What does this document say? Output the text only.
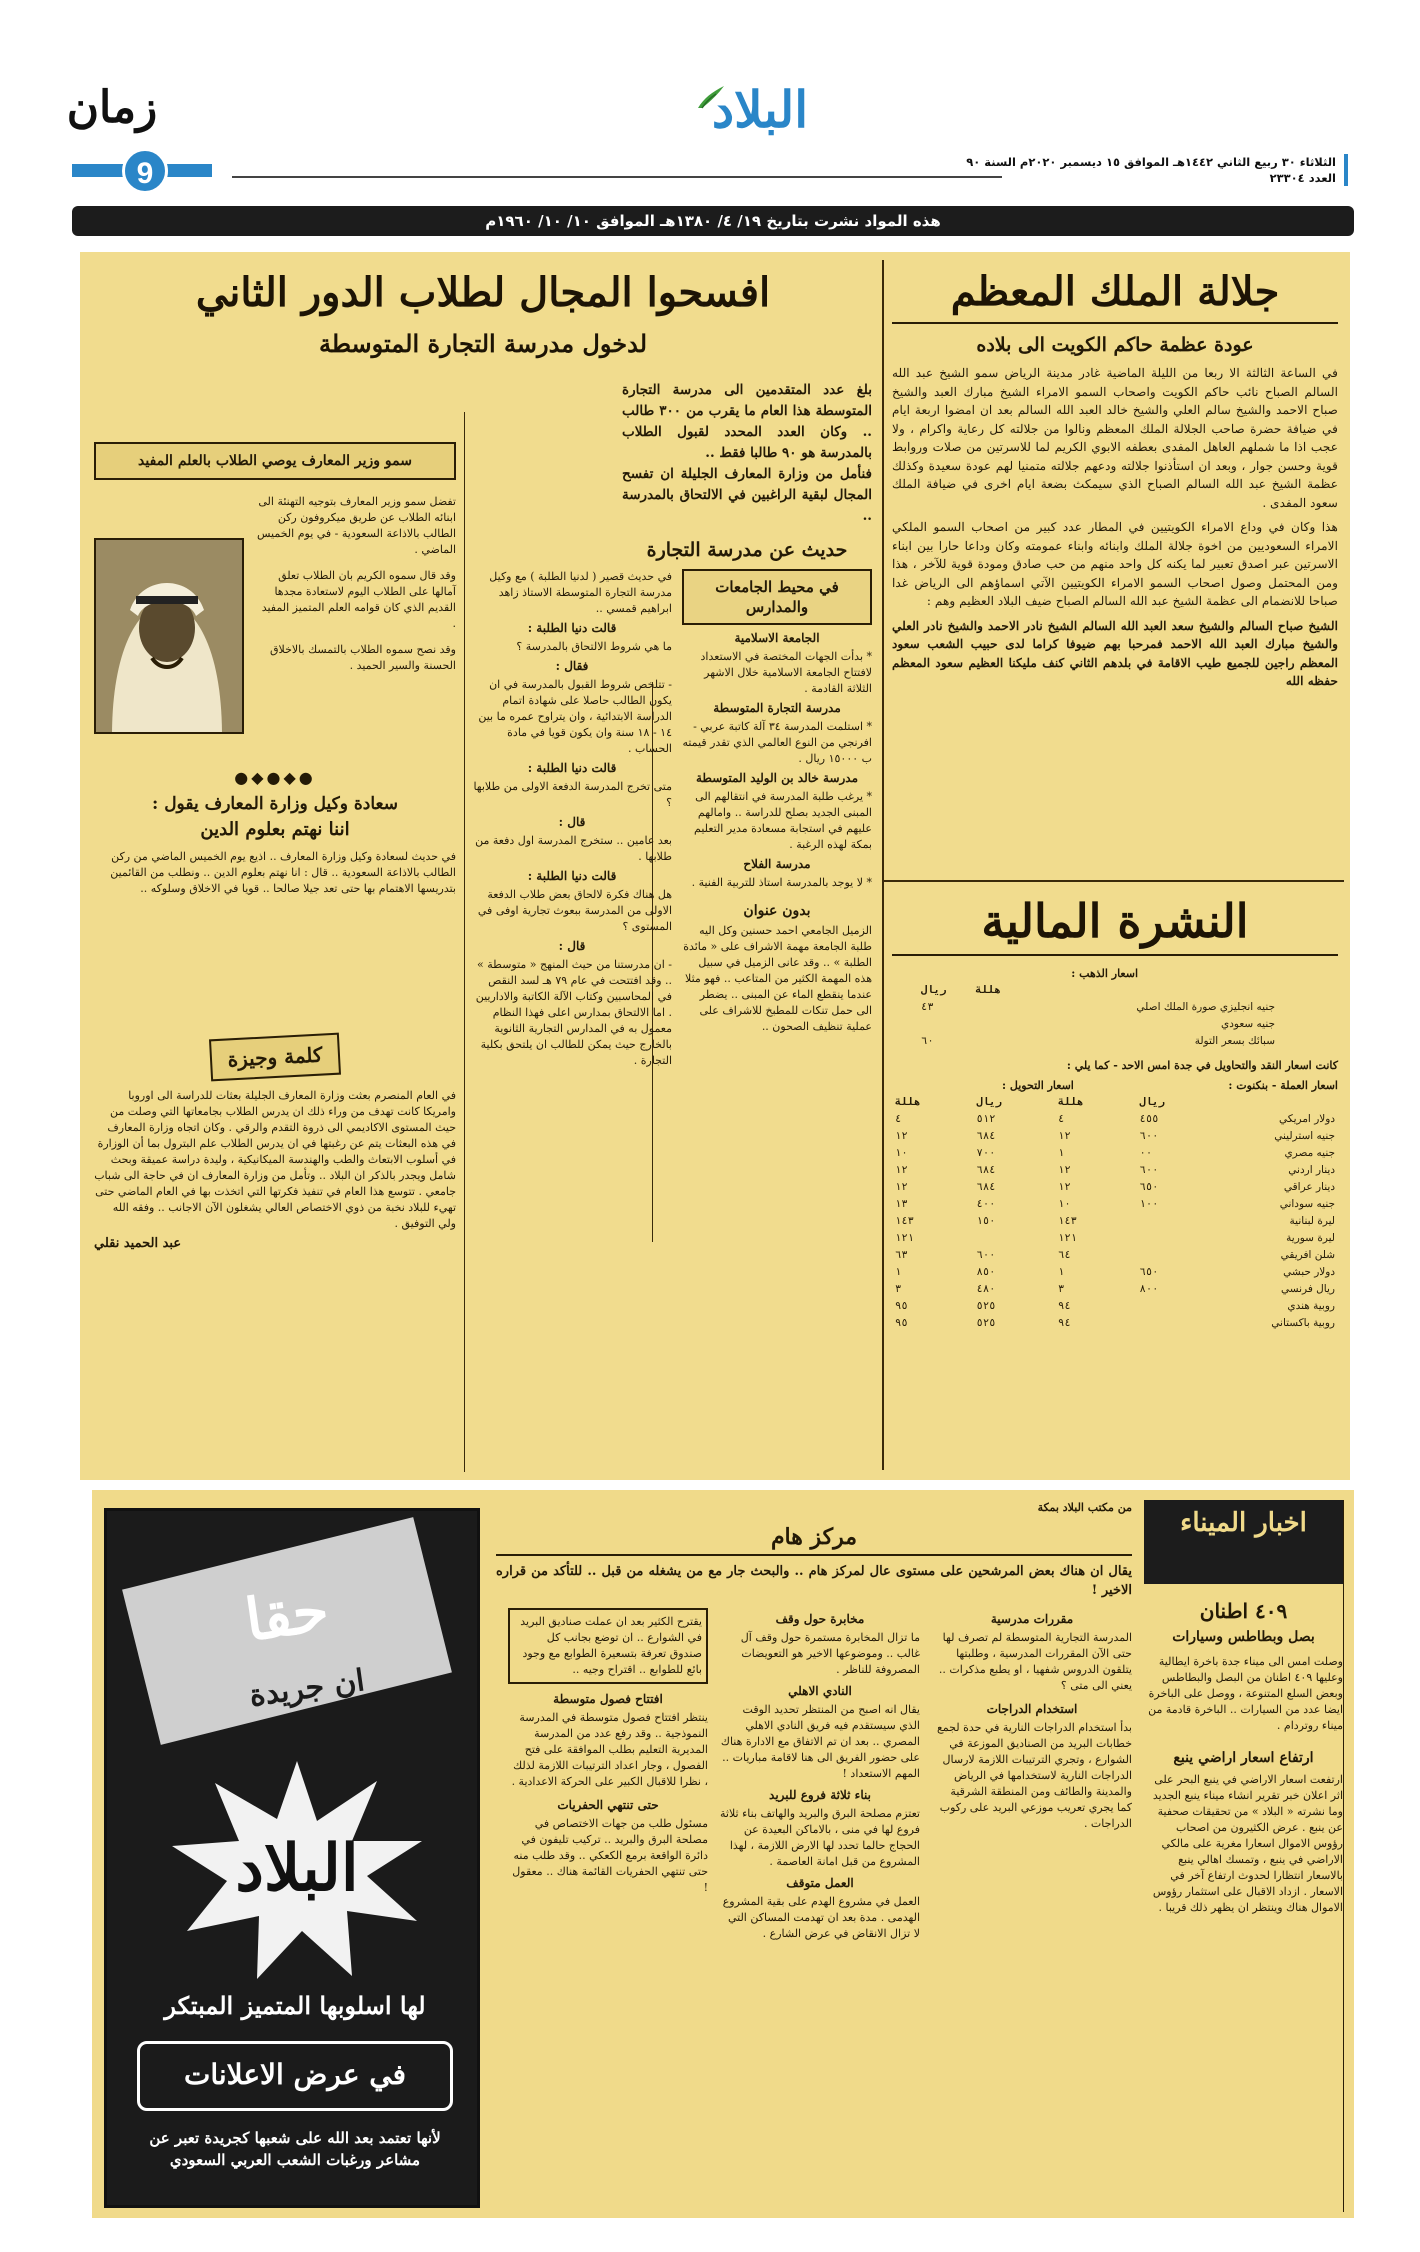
زمان
9
البلاد
الثلاثاء ٣٠ ربيع الثاني ١٤٤٢هـ الموافق ١٥ ديسمبر ٢٠٢٠م السنة ٩٠ العدد ٢٣٣٠٤
هذه المواد نشرت بتاريخ ١٩/ ٤/ ١٣٨٠هـ الموافق ١٠/ ١٠/ ١٩٦٠م
جلالة الملك المعظم
عودة عظمة حاكم الكويت الى بلاده

في الساعة الثالثة الا ربعا من الليلة الماضية غادر مدينة الرياض سمو الشيخ عبد الله السالم الصباح نائب حاكم الكويت واصحاب السمو الامراء الشيخ مبارك العبد والشيخ صباح الاحمد والشيخ سالم العلي والشيخ خالد العبد الله السالم بعد ان امضوا اربعة ايام في ضيافة حضرة صاحب الجلالة الملك المعظم ونالوا من جلالته كل رعاية واكرام ، ولا عجب اذا ما شملهم العاهل المفدى بعطفه الابوي الكريم لما للاسرتين من صلات وروابط قوية وحسن جوار ، وبعد ان استأذنوا جلالته ودعهم جلالته متمنيا لهم عودة سعيدة وكذلك عظمة الشيخ عبد الله السالم الصباح الذي سيمكث بضعة ايام اخرى في ضيافة الملك سعود المفدى .

هذا وكان في وداع الامراء الكويتيين في المطار عدد كبير من اصحاب السمو الملكي الامراء السعوديين من اخوة جلالة الملك وابنائه وابناء عمومته وكان وداعا حارا بين ابناء الاسرتين عبر اصدق تعبير لما يكنه كل واحد منهم من حب صادق ومودة قوية للآخر ، هذا ومن المحتمل وصول اصحاب السمو الامراء الكويتيين الآتي اسماؤهم الى الرياض غدا صباحا للانضمام الى عظمة الشيخ عبد الله السالم الصباح ضيف البلاد العظيم وهم :

الشيخ صباح السالم والشيخ سعد العبد الله السالم الشيخ نادر الاحمد والشيخ نادر العلي والشيخ مبارك العبد الله الاحمد فمرحبا بهم ضيوفا كراما لدى حبيب الشعب سعود المعظم راجين للجميع طيب الاقامة في بلدهم الثاني كنف مليكنا العظيم سعود المعظم حفظه الله

النشرة المالية
اسعار الذهب :
	هللة	ريال
جنيه انجليزي صورة الملك اصلي		٤٣
جنيه سعودي		
سبائك بسعر التولة		٦٠
كانت اسعار النقد والتحاويل في جدة امس الاحد - كما يلي :
اسعار العملة - بنكنوت :
اسعار التحويل :
	ريال	هللة	ريال	هللة
دولار امريكي	٤٥٥	٤	٥١٢	٤
جنيه استرليني	٦٠٠	١٢	٦٨٤	١٢
جنيه مصري	٠٠	١	٧٠٠	١٠
دينار اردني	٦٠٠	١٢	٦٨٤	١٢
دينار عراقي	٦٥٠	١٢	٦٨٤	١٢
جنيه سوداني	١٠٠	١٠	٤٠٠	١٣
ليرة لبنانية		١٤٣	١٥٠	١٤٣
ليرة سورية		١٢١		١٢١
شلن افريقي		٦٤	٦٠٠	٦٣
دولار حبشي	٦٥٠	١	٨٥٠	١
ريال فرنسي	٨٠٠	٣	٤٨٠	٣
روبية هندي		٩٤	٥٢٥	٩٥
روبية باكستاني		٩٤	٥٢٥	٩٥
افسحوا المجال لطلاب الدور الثاني
لدخول مدرسة التجارة المتوسطة

بلغ عدد المتقدمين الى مدرسة التجارة المتوسطة هذا العام ما يقرب من ٣٠٠ طالب .. وكان العدد المحدد لقبول الطلاب بالمدرسة هو ٩٠ طالبا فقط ..

فنأمل من وزارة المعارف الجليلة ان تفسح المجال لبقية الراغبين في الالتحاق بالمدرسة ..

حديث عن مدرسة التجارة
في محيط الجامعات والمدارس
الجامعة الاسلامية

* بدأت الجهات المختصة في الاستعداد لافتتاح الجامعة الاسلامية خلال الاشهر الثلاثة القادمة .

مدرسة التجارة المتوسطة

* استلمت المدرسة ٣٤ آلة كاتبة عربي - افرنجي من النوع العالمي الذي تقدر قيمته ب ١٥٠٠٠ ريال .

مدرسة خالد بن الوليد المتوسطة

* يرغب طلبة المدرسة في انتقالهم الى المبنى الجديد بصلح للدراسة .. وامالهم عليهم في استجابة مسعادة مدير التعليم بمكة لهذه الرغبة .

مدرسة الفلاح

* لا يوجد بالمدرسة استاذ للتربية الفنية .

بدون عنوان

الزميل الجامعي احمد حسنين وكل اليه طلبة الجامعة مهمة الاشراف على « مائدة الطلبة » .. وقد عانى الزميل في سبيل هذه المهمة الكثير من المتاعب .. فهو مثلا عندما ينقطع الماء عن المبنى .. يضطر الى حمل تنكات للمطبخ للاشراف على عملية تنظيف الصحون ..

في حديث قصير ( لدنيا الطلبة ) مع وكيل مدرسة التجارة المتوسطة الاستاذ زاهد ابراهيم قمسي ..

قالت دنيا الطلبة :

ما هي شروط الالتحاق بالمدرسة ؟

فقال :

- تتلخص شروط القبول بالمدرسة في ان يكون الطالب حاصلا على شهادة اتمام الدراسة الابتدائية ، وان يتراوح عمره ما بين ١٤ - ١٨ سنة وان يكون قويا في مادة الحساب .

قالت دنيا الطلبة :

متى تخرج المدرسة الدفعة الاولى من طلابها ؟

قال :

بعد عامين .. ستخرج المدرسة اول دفعة من طلابها .

قالت دنيا الطلبة :

هل هناك فكرة لالحاق بعض طلاب الدفعة الاولى من المدرسة ببعوث تجارية اوفى في المستوى ؟

قال :

- ان مدرستنا من حيث المنهج « متوسطة » .. وقد افتتحت في عام ٧٩ هـ لسد النقص في المحاسبين وكتاب الآلة الكاتبة والاداريين . اما الالتحاق بمدارس اعلى فهذا النظام معمول به في المدارس التجارية الثانوية بالخارج حيث يمكن للطالب ان يلتحق بكلية التجارة .

سمو وزير المعارف يوصي الطلاب بالعلم المفيد

تفضل سمو وزير المعارف بتوجيه التهنئة الى ابنائه الطلاب عن طريق ميكروفون ركن الطالب بالاذاعة السعودية - في يوم الخميس الماضي .

وقد قال سموه الكريم بان الطلاب تعلق آمالها على الطلاب اليوم لاستعادة مجدها القديم الذي كان قوامه العلم المتميز المفيد .

وقد نصح سموه الطلاب بالتمسك بالاخلاق الحسنة والسير الحميد .

●◆●◆●
سعادة وكيل وزارة المعارف يقول :
اننا نهتم بعلوم الدين

في حديث لسعادة وكيل وزارة المعارف .. اذيع يوم الخميس الماضي من ركن الطالب بالاذاعة السعودية .. قال : انا نهتم بعلوم الدين .. ونطلب من القائمين بتدريسها الاهتمام بها حتى تعد جيلا صالحا .. قويا في الاخلاق وسلوكه ..

كلمة وجيزة

في العام المنصرم بعثت وزارة المعارف الجليلة بعثات للدراسة الى اوروبا وامريكا كانت تهدف من وراء ذلك ان يدرس الطلاب بجامعاتها التي وصلت من حيث المستوى الاكاديمي الى ذروة التقدم والرقي . وكان اتجاه وزارة المعارف في هذه البعثات يتم عن رغبتها في ان يدرس الطلاب علم البترول بما أن الوزارة في أسلوب الابتعاث والطب والهندسة الميكانيكية ، وليدة دراسة عميقة وبحث شامل ويجدر بالذكر ان البلاد .. وتأمل من وزارة المعارف ان في حاجة الى شباب جامعي . تتوسع هذا العام في تنفيذ فكرتها التي اتخذت بها في العام الماضي حتى تهيء للبلاد نخبة من ذوي الاختصاص العالي يشغلون الآن الاجانب .. وفقه الله ولي التوفيق .

عبد الحميد نقلي
حقا
ان جريدة
البلاد
لها اسلوبها المتميز المبتكر
في عرض الاعلانات
لأنها تعتمد بعد الله على شعبها كجريدة تعبر عن مشاعر ورغبات الشعب العربي السعودي
من مكتب البلاد بمكة
مركز هام

يقال ان هناك بعض المرشحين على مستوى عال لمركز هام .. والبحث جار مع من يشغله من قبل .. للتأكد من قراره الاخير !

مقررات مدرسية

المدرسة التجارية المتوسطة لم تصرف لها حتى الآن المقررات المدرسية ، وطلبتها يتلقون الدروس شفهيا ، او يطبع مذكرات .. يعني الى متى ؟

استخدام الدراجات

بدأ استخدام الدراجات النارية في حدة لجمع خطابات البريد من الصناديق الموزعة في الشوارع ، وتجري الترتيبات اللازمة لارسال الدراجات النارية لاستخدامها في الرياض والمدينة والطائف ومن المنطقة الشرقية كما يجري تعريب موزعي البريد على ركوب الدراجات .

مخابرة حول وقف

ما تزال المخابرة مستمرة حول وقف آل غالب .. وموضوعها الاخير هو التعويضات المصروفة للناظر .

النادي الاهلي

يقال انه اصبح من المنتظر تحديد الوقت الذي سيستقدم فيه فريق النادي الاهلي المصري .. بعد ان تم الاتفاق مع الادارة هناك على حضور الفريق الى هنا لاقامة مباريات .. المهم الاستعداد !

بناء ثلاثة فروع للبريد

تعتزم مصلحة البرق والبريد والهاتف بناء ثلاثة فروع لها في منى ، بالاماكن البعيدة عن الحجاج حالما تحدد لها الارض اللازمة ، لهذا المشروع من قبل امانة العاصمة .

العمل متوقف

العمل في مشروع الهدم على بقية المشروع الهدمى . مدة بعد ان تهدمت المساكن التي لا تزال الانقاض في عرض الشارع .

يقترح الكثير بعد ان عملت صناديق البريد في الشوارع .. ان توضع بجانب كل صندوق تعرفة بتسعيرة الطوابع مع وجود بائع للطوابع .. اقتراح وجيه ..

افتتاح فصول متوسطة

ينتظر افتتاح فصول متوسطة في المدرسة النموذجية .. وقد رفع عدد من المدرسة المديرية التعليم بطلب الموافقة على فتح الفصول ، وجار اعداد الترتيبات اللازمة لذلك ، نظرا للاقبال الكبير على الحركة الاعدادية .

حتى تنتهي الحفريات

مسئول طلب من جهات الاختصاص في مصلحة البرق والبريد .. تركيب تليفون في دائرة الواقعة برمع الكعكي .. وقد طلب منه حتى تنتهي الحفريات القائمة هناك .. معقول !

اخبار الميناء
٤٠٩ اطنان
بصل وبطاطس وسيارات

وصلت امس الى ميناء جدة باخرة ايطالية وعليها ٤٠٩ اطنان من البصل والبطاطس وبعض السلع المتنوعة ، ووصل على الباخرة ايضا عدد من السيارات .. الباخرة قادمة من ميناء روتردام .

ارتفاع اسعار اراضي ينبع

ارتفعت اسعار الاراضي في ينبع البحر على اثر اعلان خبر تقرير انشاء ميناء ينبع الجديد وما نشرته « البلاد » من تحقيقات صحفية عن ينبع . عرض الكثيرون من اصحاب رؤوس الاموال اسعارا مغرية على مالكي الاراضي في ينبع ، وتمسك اهالي ينبع بالاسعار انتظارا لحدوث ارتفاع آخر في الاسعار . ازداد الاقبال على استثمار رؤوس الاموال هناك وينتظر ان يظهر ذلك قريبا .
